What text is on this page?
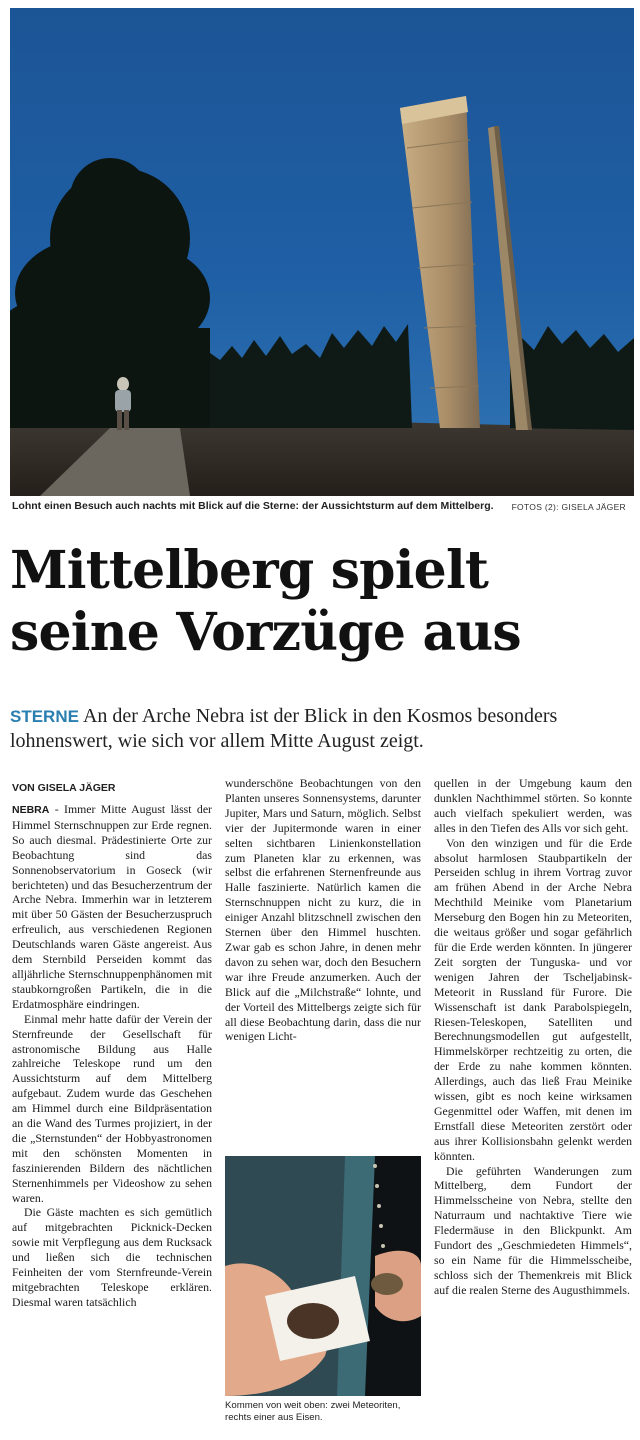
Lohnt einen Besuch auch nachts mit Blick auf die Sterne: der Aussichtsturm auf dem Mittelberg. FOTOS (2): GISELA JÄGER
Mittelberg spielt
seine Vorzüge aus
STERNE An der Arche Nebra ist der Blick in den Kosmos besonders lohnenswert, wie sich vor allem Mitte August zeigt.
VON GISELA JÄGER

NEBRA - Immer Mitte August lässt der Himmel Sternschnuppen zur Erde regnen. So auch diesmal. Prädestinierte Orte zur Beobachtung sind das Sonnenobservatorium in Goseck (wir berichteten) und das Besucherzentrum der Arche Nebra. Immerhin war in letzterem mit über 50 Gästen der Besucherzuspruch erfreulich, aus verschiedenen Regionen Deutschlands waren Gäste angereist. Aus dem Sternbild Perseiden kommt das alljährliche Sternschnuppenphänomen mit staubkorngroßen Partikeln, die in die Erdatmosphäre eindringen.

Einmal mehr hatte dafür der Verein der Sternfreunde der Gesellschaft für astronomische Bildung aus Halle zahlreiche Teleskope rund um den Aussichtsturm auf dem Mittelberg aufgebaut. Zudem wurde das Geschehen am Himmel durch eine Bildpräsentation an die Wand des Turmes projiziert, in der die „Sternstunden“ der Hobbyastronomen mit den schönsten Momenten in faszinierenden Bildern des nächtlichen Sternenhimmels per Videoshow zu sehen waren.

Die Gäste machten es sich gemütlich auf mitgebrachten Picknick-Decken sowie mit Verpflegung aus dem Rucksack und ließen sich die technischen Feinheiten der vom Sternfreunde-Verein mitgebrachten Teleskope erklären. Diesmal waren tatsächlich

wunderschöne Beobachtungen von den Planten unseres Sonnensystems, darunter Jupiter, Mars und Saturn, möglich. Selbst vier der Jupitermonde waren in einer selten sichtbaren Linienkonstellation zum Planeten klar zu erkennen, was selbst die erfahrenen Sternenfreunde aus Halle faszinierte. Natürlich kamen die Sternschnuppen nicht zu kurz, die in einiger Anzahl blitzschnell zwischen den Sternen über den Himmel huschten. Zwar gab es schon Jahre, in denen mehr davon zu sehen war, doch den Besuchern war ihre Freude anzumerken. Auch der Blick auf die „Milchstraße“ lohnte, und der Vorteil des Mittelbergs zeigte sich für all diese Beobachtung darin, dass die nur wenigen Licht-

Kommen von weit oben: zwei Meteoriten, rechts einer aus Eisen.

quellen in der Umgebung kaum den dunklen Nachthimmel störten. So konnte auch vielfach spekuliert werden, was alles in den Tiefen des Alls vor sich geht.

Von den winzigen und für die Erde absolut harmlosen Staubpartikeln der Perseiden schlug in ihrem Vortrag zuvor am frühen Abend in der Arche Nebra Mechthild Meinike vom Planetarium Merseburg den Bogen hin zu Meteoriten, die weitaus größer und sogar gefährlich für die Erde werden könnten. In jüngerer Zeit sorgten der Tunguska- und vor wenigen Jahren der Tscheljabinsk-Meteorit in Russland für Furore. Die Wissenschaft ist dank Parabolspiegeln, Riesen-Teleskopen, Satelliten und Berechnungsmodellen gut aufgestellt, Himmelskörper rechtzeitig zu orten, die der Erde zu nahe kommen könnten. Allerdings, auch das ließ Frau Meinike wissen, gibt es noch keine wirksamen Gegenmittel oder Waffen, mit denen im Ernstfall diese Meteoriten zerstört oder aus ihrer Kollisionsbahn gelenkt werden könnten.

Die geführten Wanderungen zum Mittelberg, dem Fundort der Himmelsscheine von Nebra, stellte den Naturraum und nachtaktive Tiere wie Fledermäuse in den Blickpunkt. Am Fundort des „Geschmiedeten Himmels“, so ein Name für die Himmelsscheibe, schloss sich der Themenkreis mit Blick auf die realen Sterne des Augusthimmels.
